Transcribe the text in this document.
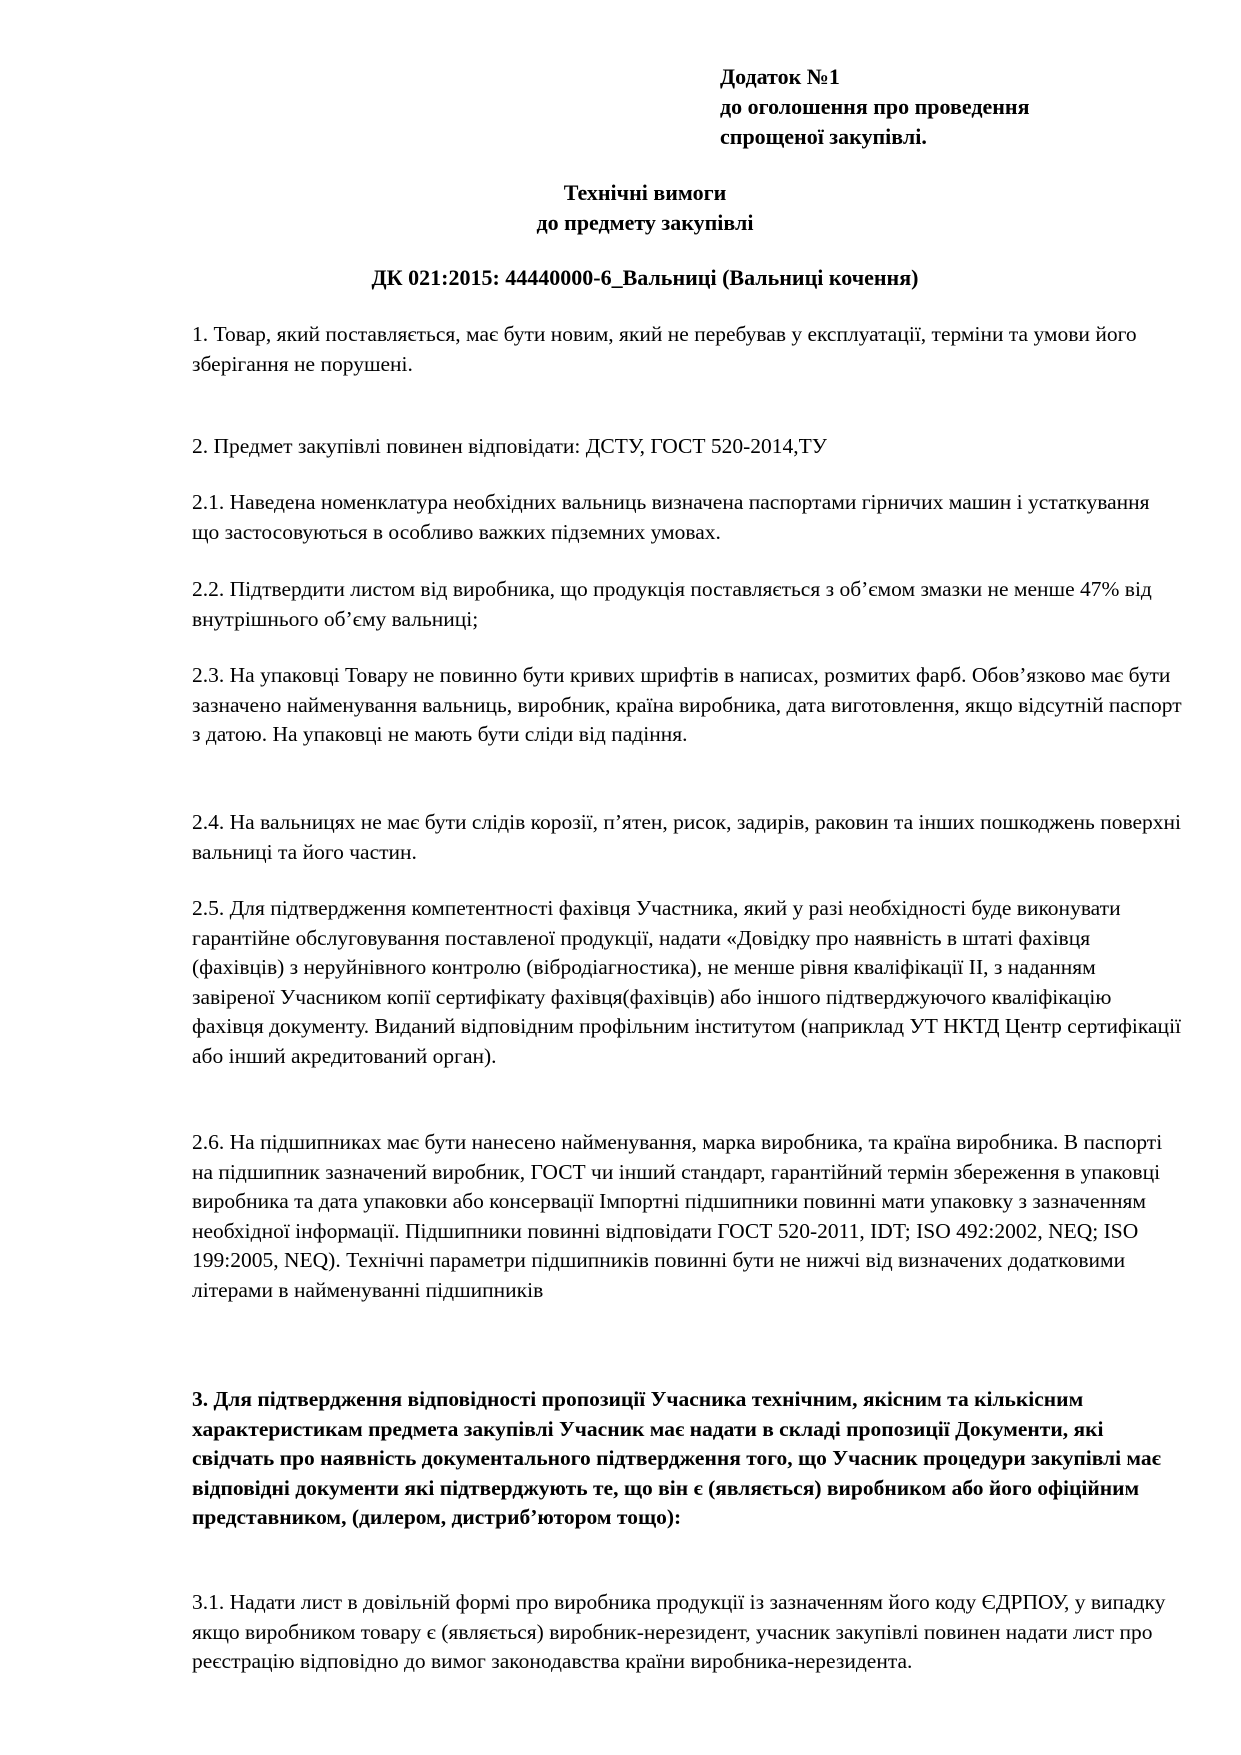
Додаток №1
до оголошення про проведення
спрощеної закупівлі.
Технічні вимоги
до предмету закупівлі
ДК 021:2015: 44440000-6_Вальниці (Вальниці кочення)
1. Товар, який поставляється, має бути новим, який не перебував у експлуатації, терміни та умови його зберігання не порушені.
2. Предмет закупівлі повинен відповідати: ДСТУ, ГОСТ 520-2014,ТУ
2.1. Наведена номенклатура необхідних вальниць визначена паспортами гірничих машин і устаткування що застосовуються в особливо важких підземних умовах.
2.2. Підтвердити листом від виробника, що продукція поставляється з об’ємом змазки не менше 47% від внутрішнього об’єму вальниці;
2.3. На упаковці Товару не повинно бути кривих шрифтів в написах, розмитих фарб. Обов’язково має бути зазначено найменування вальниць, виробник, країна виробника, дата виготовлення, якщо відсутній паспорт з датою. На упаковці не мають бути сліди від падіння.
2.4. На вальницях не має бути слідів корозії, п’ятен, рисок, задирів, раковин та інших пошкоджень поверхні вальниці та його частин.
2.5. Для підтвердження компетентності фахівця Участника, який у разі необхідності буде виконувати гарантійне обслуговування поставленої продукції, надати «Довідку про наявність в штаті фахівця (фахівців) з неруйнівного контролю (вібродіагностика), не менше рівня кваліфікації ІІ, з наданням завіреної Учасником копії сертифікату фахівця(фахівців) або іншого підтверджуючого кваліфікацію фахівця документу. Виданий відповідним профільним інститутом (наприклад УТ НКТД Центр сертифікації або інший акредитований орган).
2.6. На підшипниках має бути нанесено найменування, марка виробника, та країна виробника. В паспорті на підшипник зазначений виробник, ГОСТ чи інший стандарт, гарантійний термін збереження в упаковці виробника та дата упаковки або консервації Імпортні підшипники повинні мати упаковку з зазначенням необхідної інформації. Підшипники повинні відповідати ГОСТ 520-2011, IDT; ISO 492:2002, NEQ; ISO 199:2005, NEQ). Технічні параметри підшипників повинні бути не нижчі від визначених додатковими літерами в найменуванні підшипників
3. Для підтвердження відповідності пропозиції Учасника технічним, якісним та кількісним характеристикам предмета закупівлі Учасник має надати в складі пропозиції Документи, які свідчать про наявність документального підтвердження того, що Учасник процедури закупівлі має відповідні документи які підтверджують те, що він є (являється) виробником або його офіційним представником, (дилером, дистриб’ютором тощо):
3.1. Надати лист в довільній формі про виробника продукції із зазначенням його коду ЄДРПОУ, у випадку якщо виробником товару є (являється) виробник-нерезидент, учасник закупівлі повинен надати лист про реєстрацію відповідно до вимог законодавства країни виробника-нерезидента.
